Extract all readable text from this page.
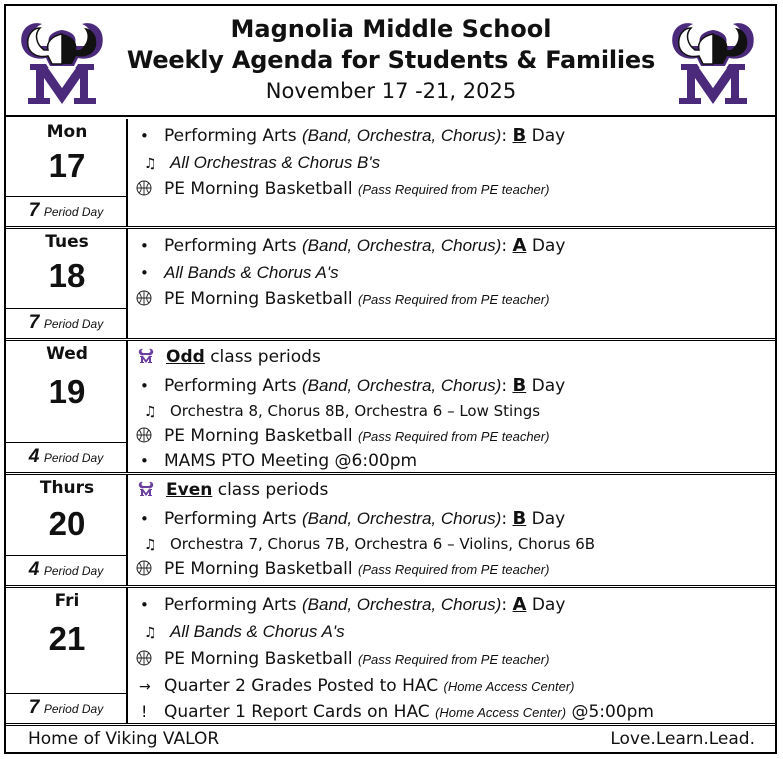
Magnolia Middle School
Weekly Agenda for Students & Families
November 17 -21, 2025
Mon
17
7 Period Day
• Performing Arts (Band, Orchestra, Chorus): B Day
♫ All Orchestras & Chorus B's
PE Morning Basketball (Pass Required from PE teacher)
Tues
18
7 Period Day
• Performing Arts (Band, Orchestra, Chorus): A Day
• All Bands & Chorus A's
PE Morning Basketball (Pass Required from PE teacher)
Wed
19
4 Period Day
Odd class periods
• Performing Arts (Band, Orchestra, Chorus): B Day
♫ Orchestra 8, Chorus 8B, Orchestra 6 – Low Stings
PE Morning Basketball (Pass Required from PE teacher)
• MAMS PTO Meeting @6:00pm
Thurs
20
4 Period Day
Even class periods
• Performing Arts (Band, Orchestra, Chorus): B Day
♫ Orchestra 7, Chorus 7B, Orchestra 6 – Violins, Chorus 6B
PE Morning Basketball (Pass Required from PE teacher)
Fri
21
7 Period Day
• Performing Arts (Band, Orchestra, Chorus): A Day
♫ All Bands & Chorus A's
PE Morning Basketball (Pass Required from PE teacher)
→ Quarter 2 Grades Posted to HAC (Home Access Center)
! Quarter 1 Report Cards on HAC (Home Access Center) @5:00pm
Home of Viking VALOR	Love.Learn.Lead.
